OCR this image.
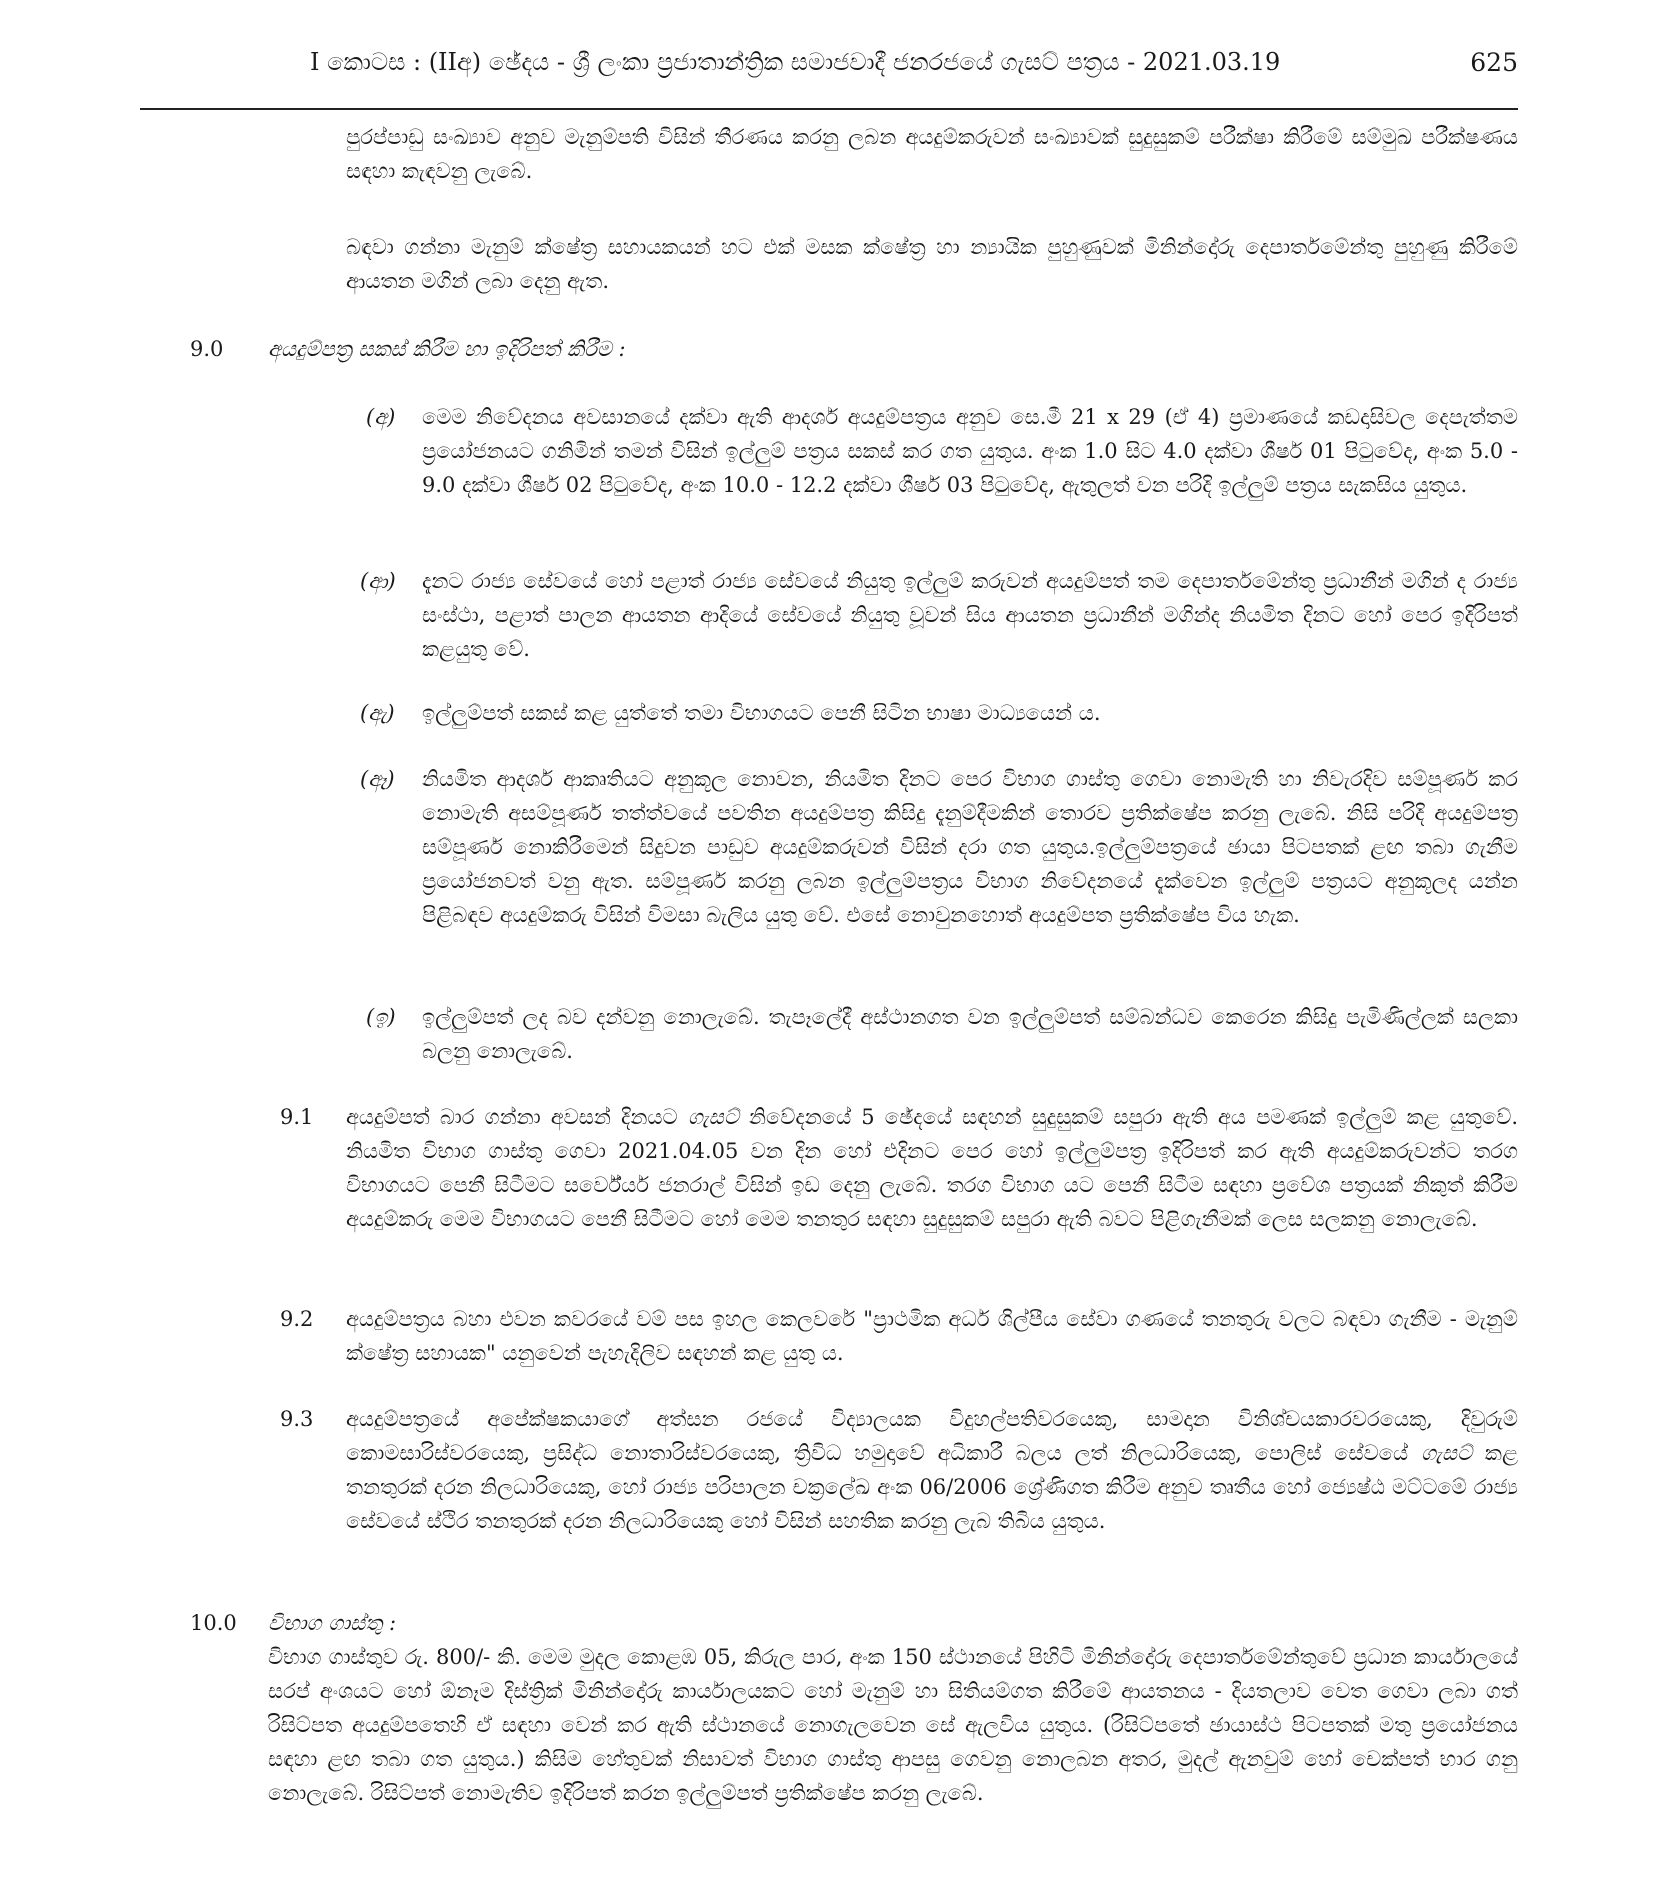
I කොටස : (IIඅ) ඡේදය - ශ්‍රී ලංකා ප්‍රජාතාන්ත්‍රික සමාජවාදී ජනරජයේ ගැසට් පත්‍රය - 2021.03.19	625

පුරප්පාඩු සංඛ්‍යාව අනුව මැනුම්පති විසින් තීරණය කරනු ලබන අයදුම්කරුවන් සංඛ්‍යාවක් සුදුසුකම් පරීක්ෂා කිරීමේ සම්මුඛ පරීක්ෂණය සඳහා කැඳවනු ලැබේ.

බඳවා ගන්නා මැනුම් ක්ෂේත්‍ර සහායකයන් හට එක් මසක ක්ෂේත්‍ර හා න්‍යායික පුහුණුවක් මිනින්දෝරු දෙපාර්තමේන්තු පුහුණු කිරීමේ ආයතන මගින් ලබා දෙනු ඇත.

9.0 අයදුම්පත්‍ර සකස් කිරීම හා ඉදිරිපත් කිරීම :
(අ) මෙම නිවේදනය අවසානයේ දක්වා ඇති ආදර්ශ අයදුම්පත්‍රය අනුව සෙ.මී 21 x 29 (ඒ 4) ප්‍රමාණයේ කඩදාසිවල දෙපැත්තම ප්‍රයෝජනයට ගනිමින් තමන් විසින් ඉල්ලුම් පත්‍රය සකස් කර ගත යුතුය. අංක 1.0 සිට 4.0 දක්වා ශීර්ෂ 01 පිටුවේද, අංක 5.0 - 9.0 දක්වා ශීර්ෂ 02 පිටුවේද, අංක 10.0 - 12.2 දක්වා ශීර්ෂ 03 පිටුවේද, ඇතුලත් වන පරිදි ඉල්ලුම් පත්‍රය සැකසිය යුතුය.

(ආ) දැනට රාජ්‍ය සේවයේ හෝ පළාත් රාජ්‍ය සේවයේ නියුතු ඉල්ලුම් කරුවන් අයදුම්පත් තම දෙපාර්තමේන්තු ප්‍රධානීන් මගින් ද රාජ්‍ය සංස්ථා, පළාත් පාලන ආයතන ආදියේ සේවයේ නියුතු වූවන් සිය ආයතන ප්‍රධානීන් මගින්ද නියමිත දිනට හෝ පෙර ඉදිරිපත් කළයුතු වේ.

(ඇ) ඉල්ලුම්පත් සකස් කළ යුත්තේ තමා විභාගයට පෙනී සිටින භාෂා මාධ්‍යයෙන් ය.

(ඈ) නියමිත ආදර්ශ ආකෘතියට අනුකූල නොවන, නියමිත දිනට පෙර විභාග ගාස්තු ගෙවා නොමැති හා නිවැරදිව සම්පූර්ණ කර නොමැති අසම්පූර්ණ තත්ත්වයේ පවතින අයදුම්පත්‍ර කිසිදු දැනුම්දීමකින් තොරව ප්‍රතික්ෂේප කරනු ලැබේ. නිසි පරිදි අයදුම්පත්‍ර සම්පූර්ණ නොකිරීමෙන් සිදුවන පාඩුව අයදුම්කරුවන් විසින් දරා ගත යුතුය.ඉල්ලුම්පත්‍රයේ ඡායා පිටපතක් ළඟ තබා ගැනීම ප්‍රයෝජනවත් වනු ඇත. සම්පූර්ණ කරනු ලබන ඉල්ලුම්පත්‍රය විභාග නිවේදනයේ දැක්වෙන ඉල්ලුම් පත්‍රයට අනුකූලද යන්න පිළිබඳව අයදුම්කරු විසින් විමසා බැලිය යුතු වේ. එසේ නොවුනහොත් අයදුම්පත ප්‍රතික්ෂේප විය හැක.

(ඉ) ඉල්ලුම්පත් ලද බව දන්වනු නොලැබේ. තැපෑලේදී අස්ථානගත වන ඉල්ලුම්පත් සම්බන්ධව කෙරෙන කිසිදු පැමිණිල්ලක් සලකා බලනු නොලැබේ.

9.1 අයදුම්පත් බාර ගන්නා අවසන් දිනයට ගැසට් නිවේදනයේ 5 ඡේදයේ සඳහන් සුදුසුකම් සපුරා ඇති අය පමණක් ඉල්ලුම් කළ යුතුවේ. නියමිත විභාග ගාස්තු ගෙවා 2021.04.05 වන දින හෝ එදිනට පෙර හෝ ඉල්ලුම්පත්‍ර ඉදිරිපත් කර ඇති අයදුම්කරුවන්ට තරග විභාගයට පෙනී සිටීමට සර්වේයර් ජනරාල් විසින් ඉඩ දෙනු ලැබේ. තරග විභාග යට පෙනී සිටීම සඳහා ප්‍රවේශ පත්‍රයක් නිකුත් කිරීම අයදුම්කරු මෙම විභාගයට පෙනී සිටීමට හෝ මෙම තනතුර සඳහා සුදුසුකම් සපුරා ඇති බවට පිළිගැනීමක් ලෙස සලකනු නොලැබේ.

9.2 අයදුම්පත්‍රය බහා එවන කවරයේ වම් පස ඉහල කෙලවරේ "ප්‍රාථමික අර්ධ ශිල්පීය සේවා ගණයේ තනතුරු වලට බඳවා ගැනීම - මැනුම් ක්ෂේත්‍ර සහායක" යනුවෙන් පැහැදිලිව සඳහන් කළ යුතු ය.

9.3 අයදුම්පත්‍රයේ අපේක්ෂකයාගේ අත්සන රජයේ විද්‍යාලයක විදුහල්පතිවරයෙකු, සාමදාන විනිශ්චයකාරවරයෙකු, දිවුරුම් කොමසාරිස්වරයෙකු, ප්‍රසිද්ධ නොතාරිස්වරයෙකු, ත්‍රිවිධ හමුදාවේ අධිකාරී බලය ලත් නිලධාරියෙකු, පොලිස් සේවයේ ගැසට් කළ තනතුරක් දරන නිලධාරියෙකු, හෝ රාජ්‍ය පරිපාලන චක්‍රලේඛ අංක 06/2006 ශ්‍රේණිගත කිරීම අනුව තෘතීය හෝ ජ්‍යෙෂ්ඨ මට්ටමේ රාජ්‍ය සේවයේ ස්ථිර තනතුරක් දරන නිලධාරියෙකු හෝ විසින් සහතික කරනු ලැබ තිබිය යුතුය.

10.0 විභාග ගාස්තු :

විභාග ගාස්තුව රු. 800/- කි. මෙම මුදල කොළඹ 05, කිරුල පාර, අංක 150 ස්ථානයේ පිහිටි මිනින්දෝරු දෙපාර්තමේන්තුවේ ප්‍රධාන කාර්යාලයේ සරප් අංශයට හෝ ඕනෑම දිස්ත්‍රික් මිනින්දෝරු කාර්යාලයකට හෝ මැනුම් හා සිතියම්ගත කිරීමේ ආයතනය - දියතලාව වෙත ගෙවා ලබා ගත් රිසිට්පත අයදුම්පතෙහි ඒ සඳහා වෙන් කර ඇති ස්ථානයේ නොගැලවෙන සේ ඇලවිය යුතුය. (රිසිට්පතේ ඡායාස්ථ පිටපතක් මතු ප්‍රයෝජනය සඳහා ළඟ තබා ගත යුතුය.) කිසිම හේතුවක් නිසාවත් විභාග ගාස්තු ආපසු ගෙවනු නොලබන අතර, මුදල් ඇනවුම් හෝ චෙක්පත් භාර ගනු නොලැබේ. රිසිට්පත් නොමැතිව ඉදිරිපත් කරන ඉල්ලුම්පත් ප්‍රතික්ෂේප කරනු ලැබේ.
